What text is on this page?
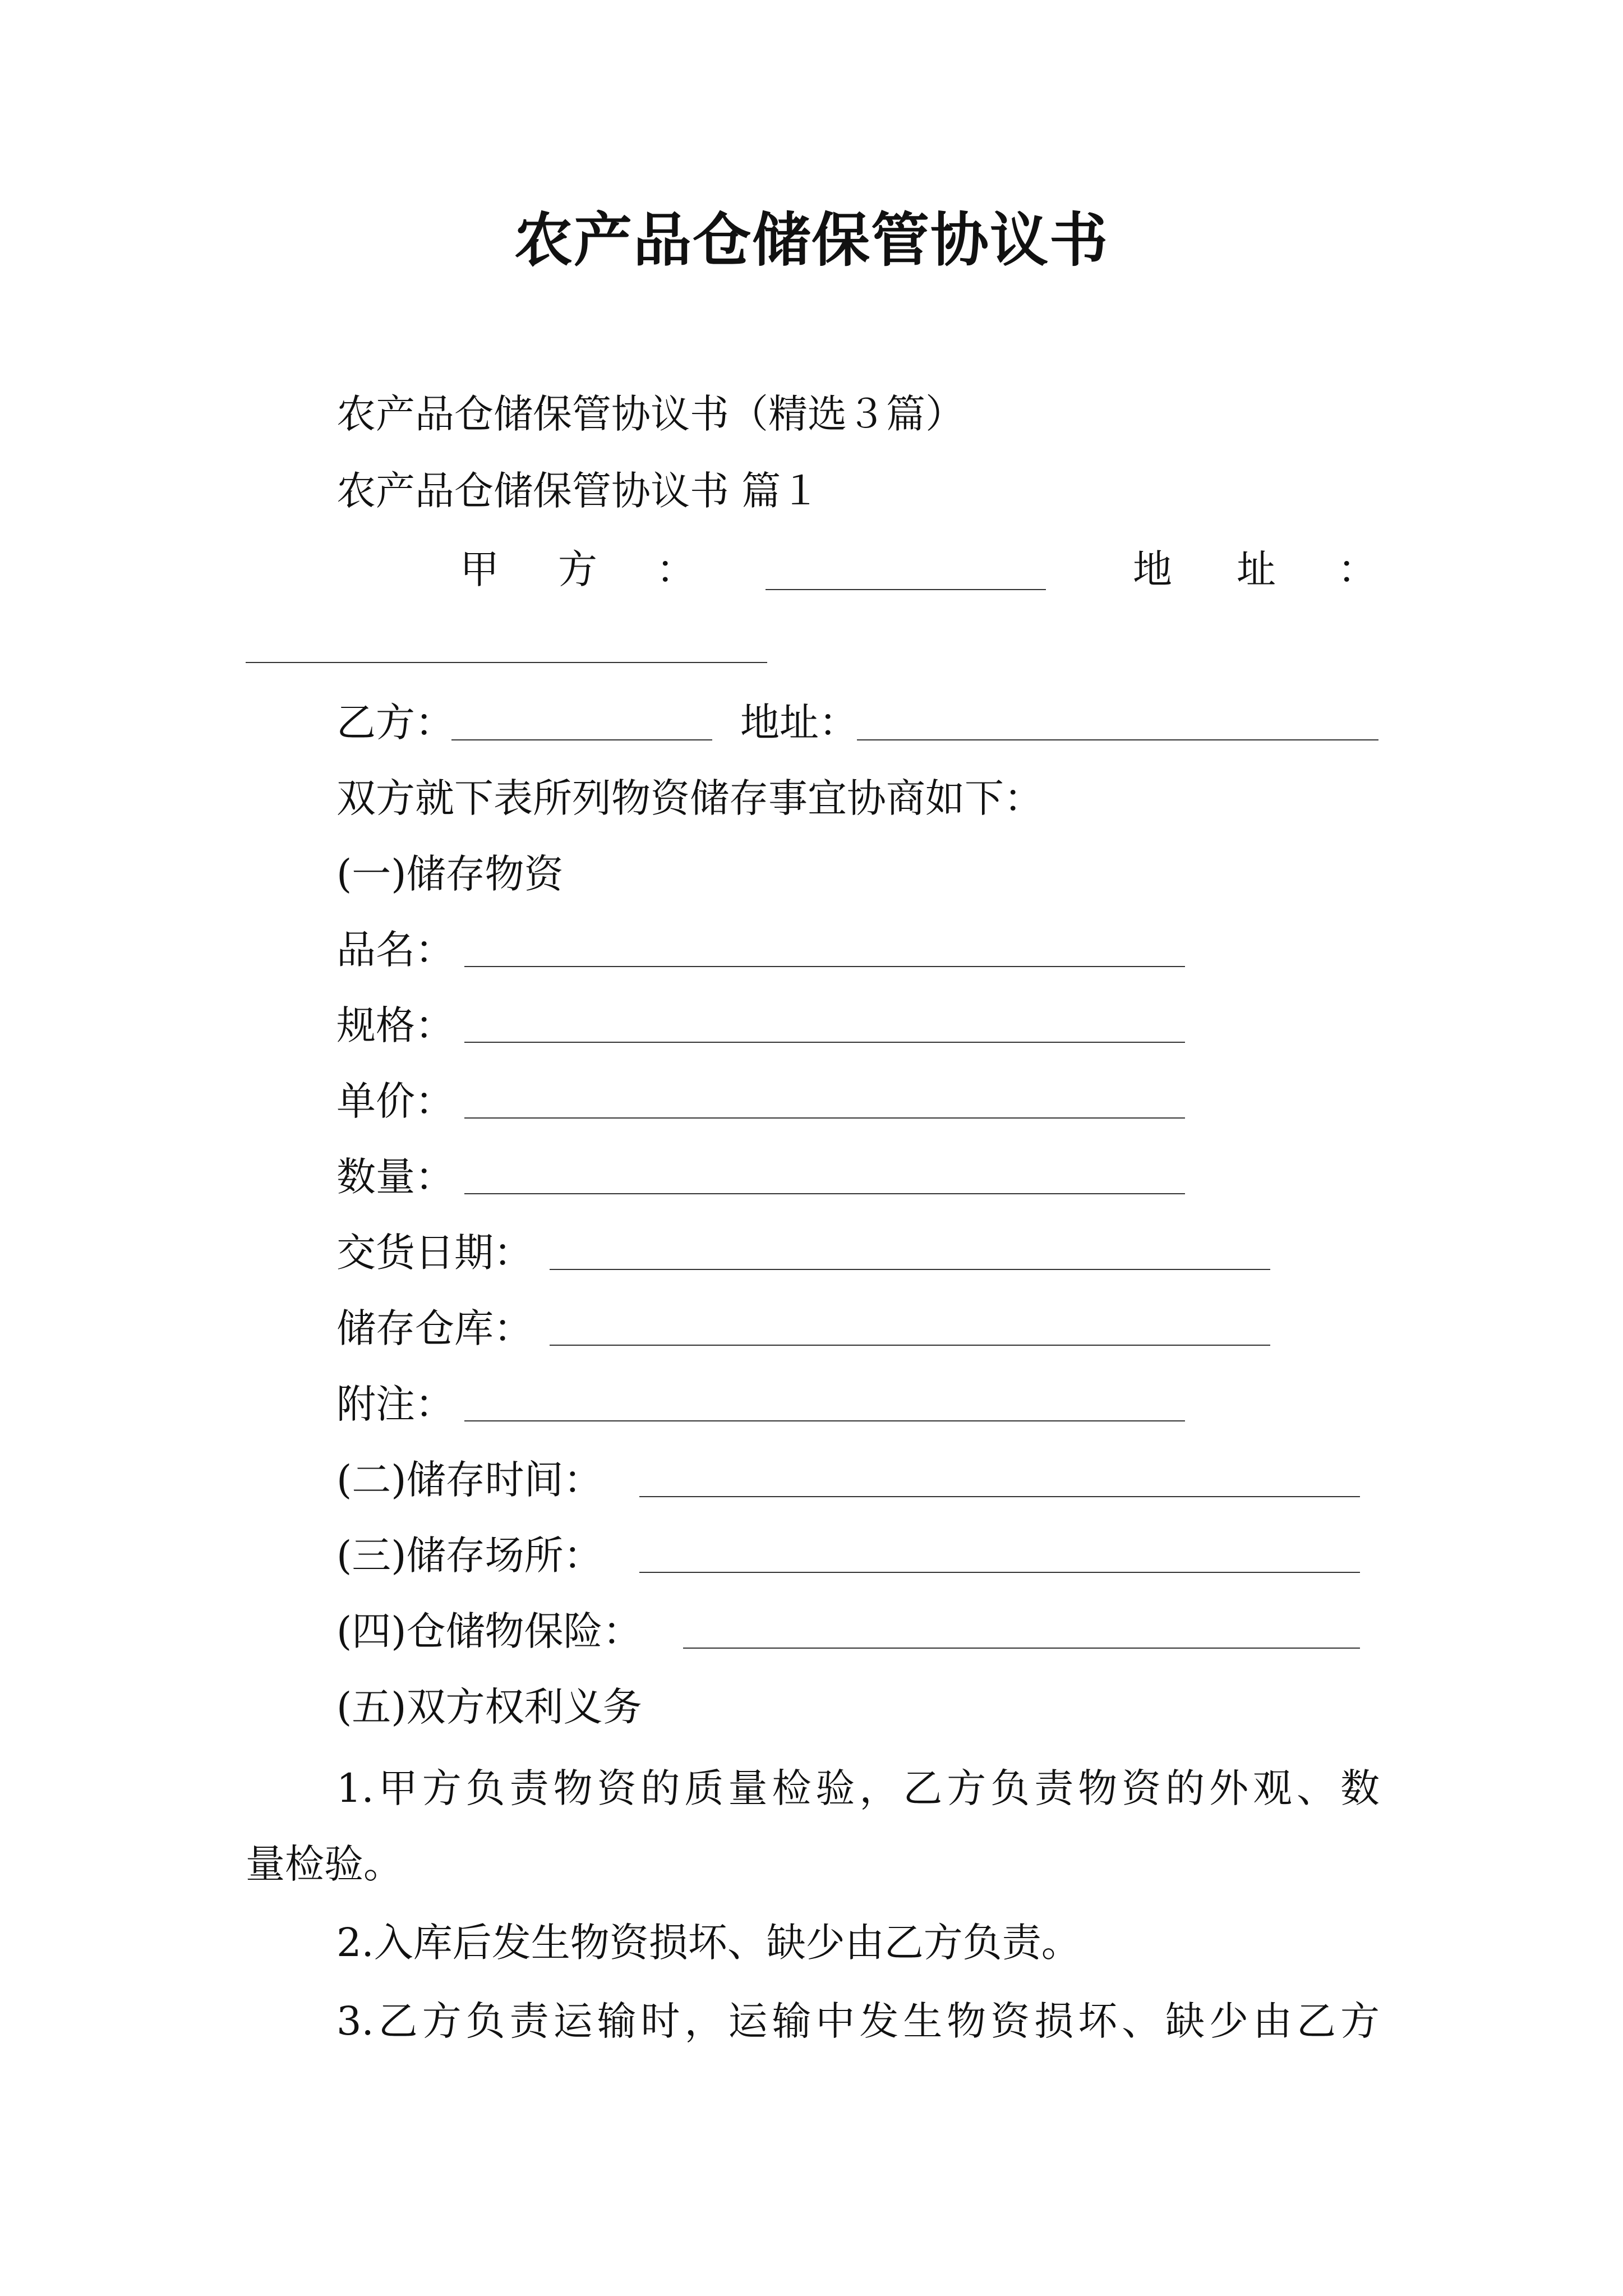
农产品仓储保管协议书
农产品仓储保管协议书（精选３篇）
农产品仓储保管协议书 篇１
甲 方 ：	地 址 ：
乙方：	地址：
双方就下表所列物资储存事宜协商如下：
(一)储存物资
品名：
规格：
单价：
数量：
交货日期：
储存仓库：
附注：
(二)储存时间：
(三)储存场所：
(四)仓储物保险：
(五)双方权利义务
1.甲方负责物资的质量检验，乙方负责物资的外观、数
量检验。
2.入库后发生物资损坏、缺少由乙方负责。
3.乙方负责运输时，运输中发生物资损坏、缺少由乙方
